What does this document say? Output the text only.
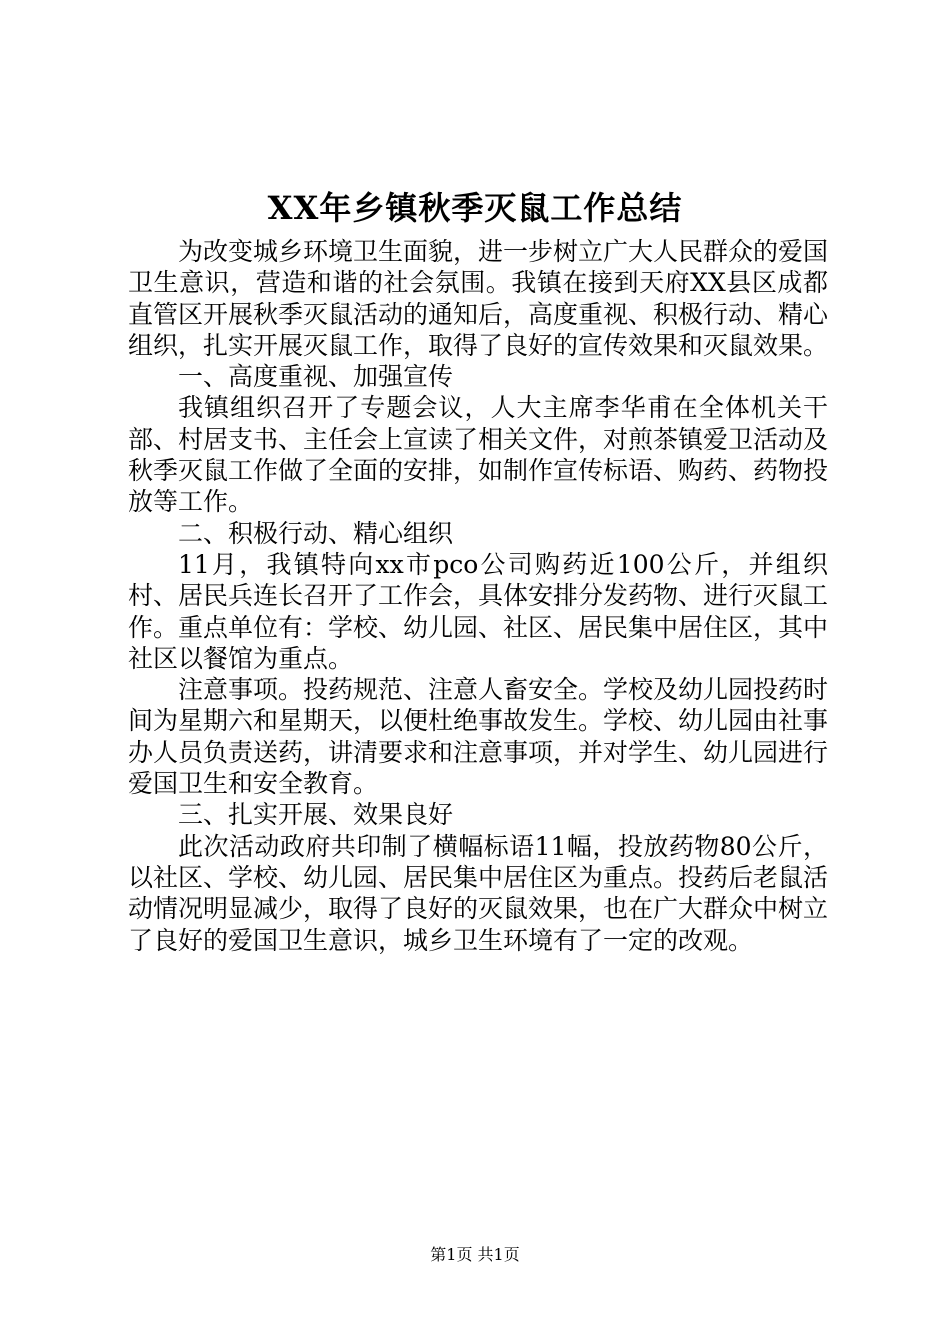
XX年乡镇秋季灭鼠工作总结

为改变城乡环境卫生面貌，进一步树立广大人民群众的爱国卫生意识，营造和谐的社会氛围。我镇在接到天府XX县区成都直管区开展秋季灭鼠活动的通知后，高度重视、积极行动、精心组织，扎实开展灭鼠工作，取得了良好的宣传效果和灭鼠效果。

一、高度重视、加强宣传

我镇组织召开了专题会议，人大主席李华甫在全体机关干部、村居支书、主任会上宣读了相关文件，对煎茶镇爱卫活动及秋季灭鼠工作做了全面的安排，如制作宣传标语、购药、药物投放等工作。

二、积极行动、精心组织

11月，我镇特向xx市pco公司购药近100公斤，并组织村、居民兵连长召开了工作会，具体安排分发药物、进行灭鼠工作。重点单位有：学校、幼儿园、社区、居民集中居住区，其中社区以餐馆为重点。

注意事项。投药规范、注意人畜安全。学校及幼儿园投药时间为星期六和星期天，以便杜绝事故发生。学校、幼儿园由社事办人员负责送药，讲清要求和注意事项，并对学生、幼儿园进行爱国卫生和安全教育。

三、扎实开展、效果良好

此次活动政府共印制了横幅标语11幅，投放药物80公斤，以社区、学校、幼儿园、居民集中居住区为重点。投药后老鼠活动情况明显减少，取得了良好的灭鼠效果，也在广大群众中树立了良好的爱国卫生意识，城乡卫生环境有了一定的改观。

第1页 共1页
